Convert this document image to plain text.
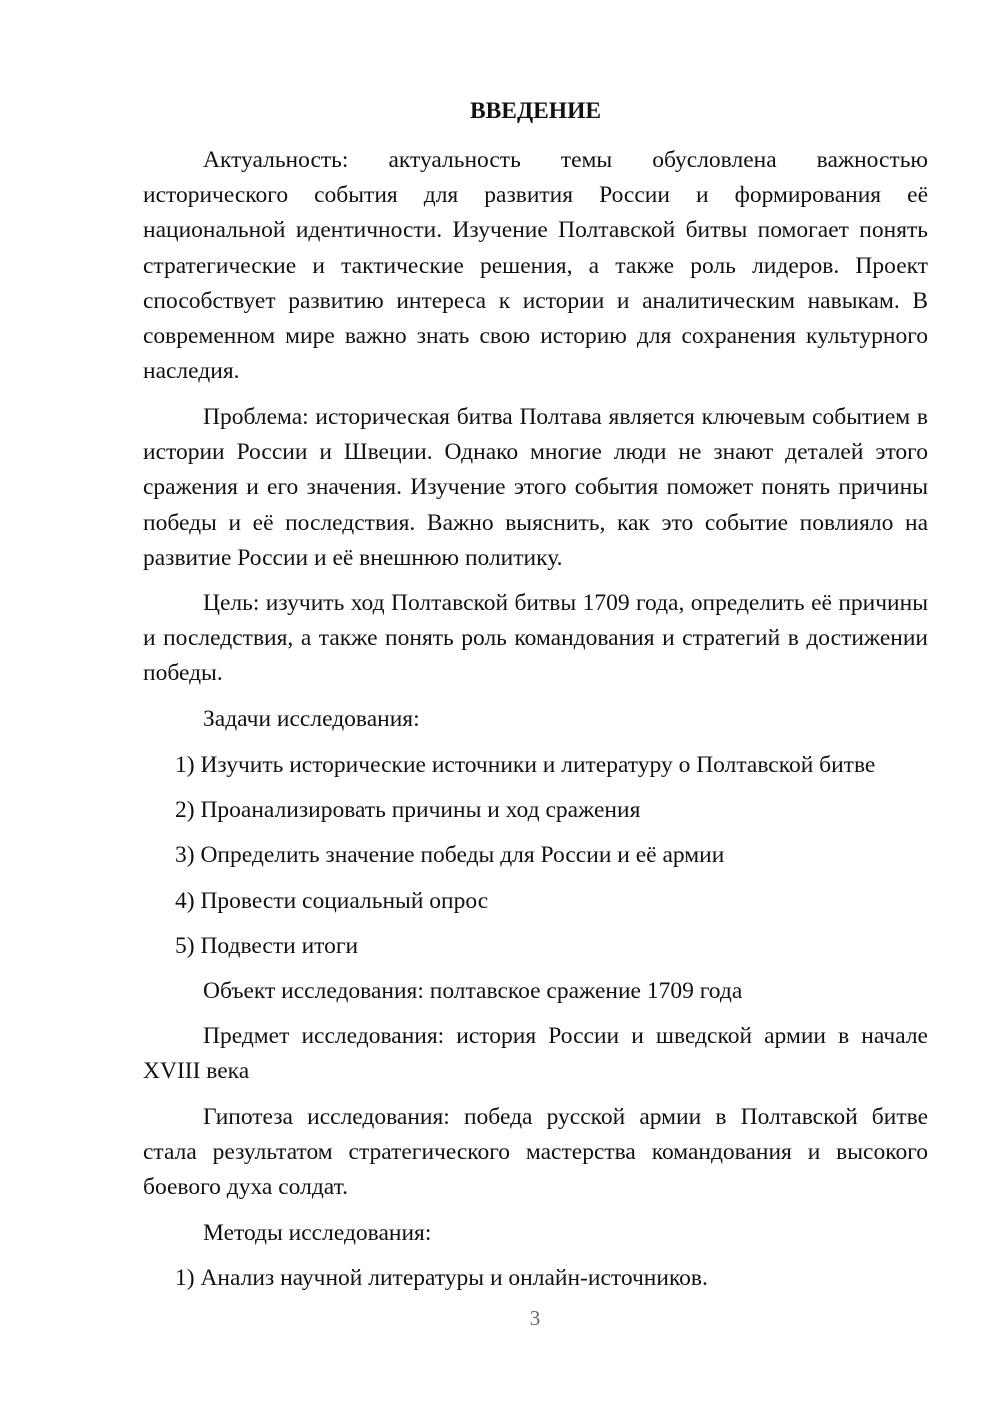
ВВЕДЕНИЕ

Актуальность: актуальность темы обусловлена важностью исторического события для развития России и формирования её национальной идентичности. Изучение Полтавской битвы помогает понять стратегические и тактические решения, а также роль лидеров. Проект способствует развитию интереса к истории и аналитическим навыкам. В современном мире важно знать свою историю для сохранения культурного наследия.

Проблема: историческая битва Полтава является ключевым событием в истории России и Швеции. Однако многие люди не знают деталей этого сражения и его значения. Изучение этого события поможет понять причины победы и её последствия. Важно выяснить, как это событие повлияло на развитие России и её внешнюю политику.

Цель: изучить ход Полтавской битвы 1709 года, определить её причины и последствия, а также понять роль командования и стратегий в достижении победы.

Задачи исследования:

1) Изучить исторические источники и литературу о Полтавской битве

2) Проанализировать причины и ход сражения

3) Определить значение победы для России и её армии

4) Провести социальный опрос

5) Подвести итоги

Объект исследования: полтавское сражение 1709 года

Предмет исследования: история России и шведской армии в начале XVIII века

Гипотеза исследования: победа русской армии в Полтавской битве стала результатом стратегического мастерства командования и высокого боевого духа солдат.

Методы исследования:

1) Анализ научной литературы и онлайн-источников.

3
